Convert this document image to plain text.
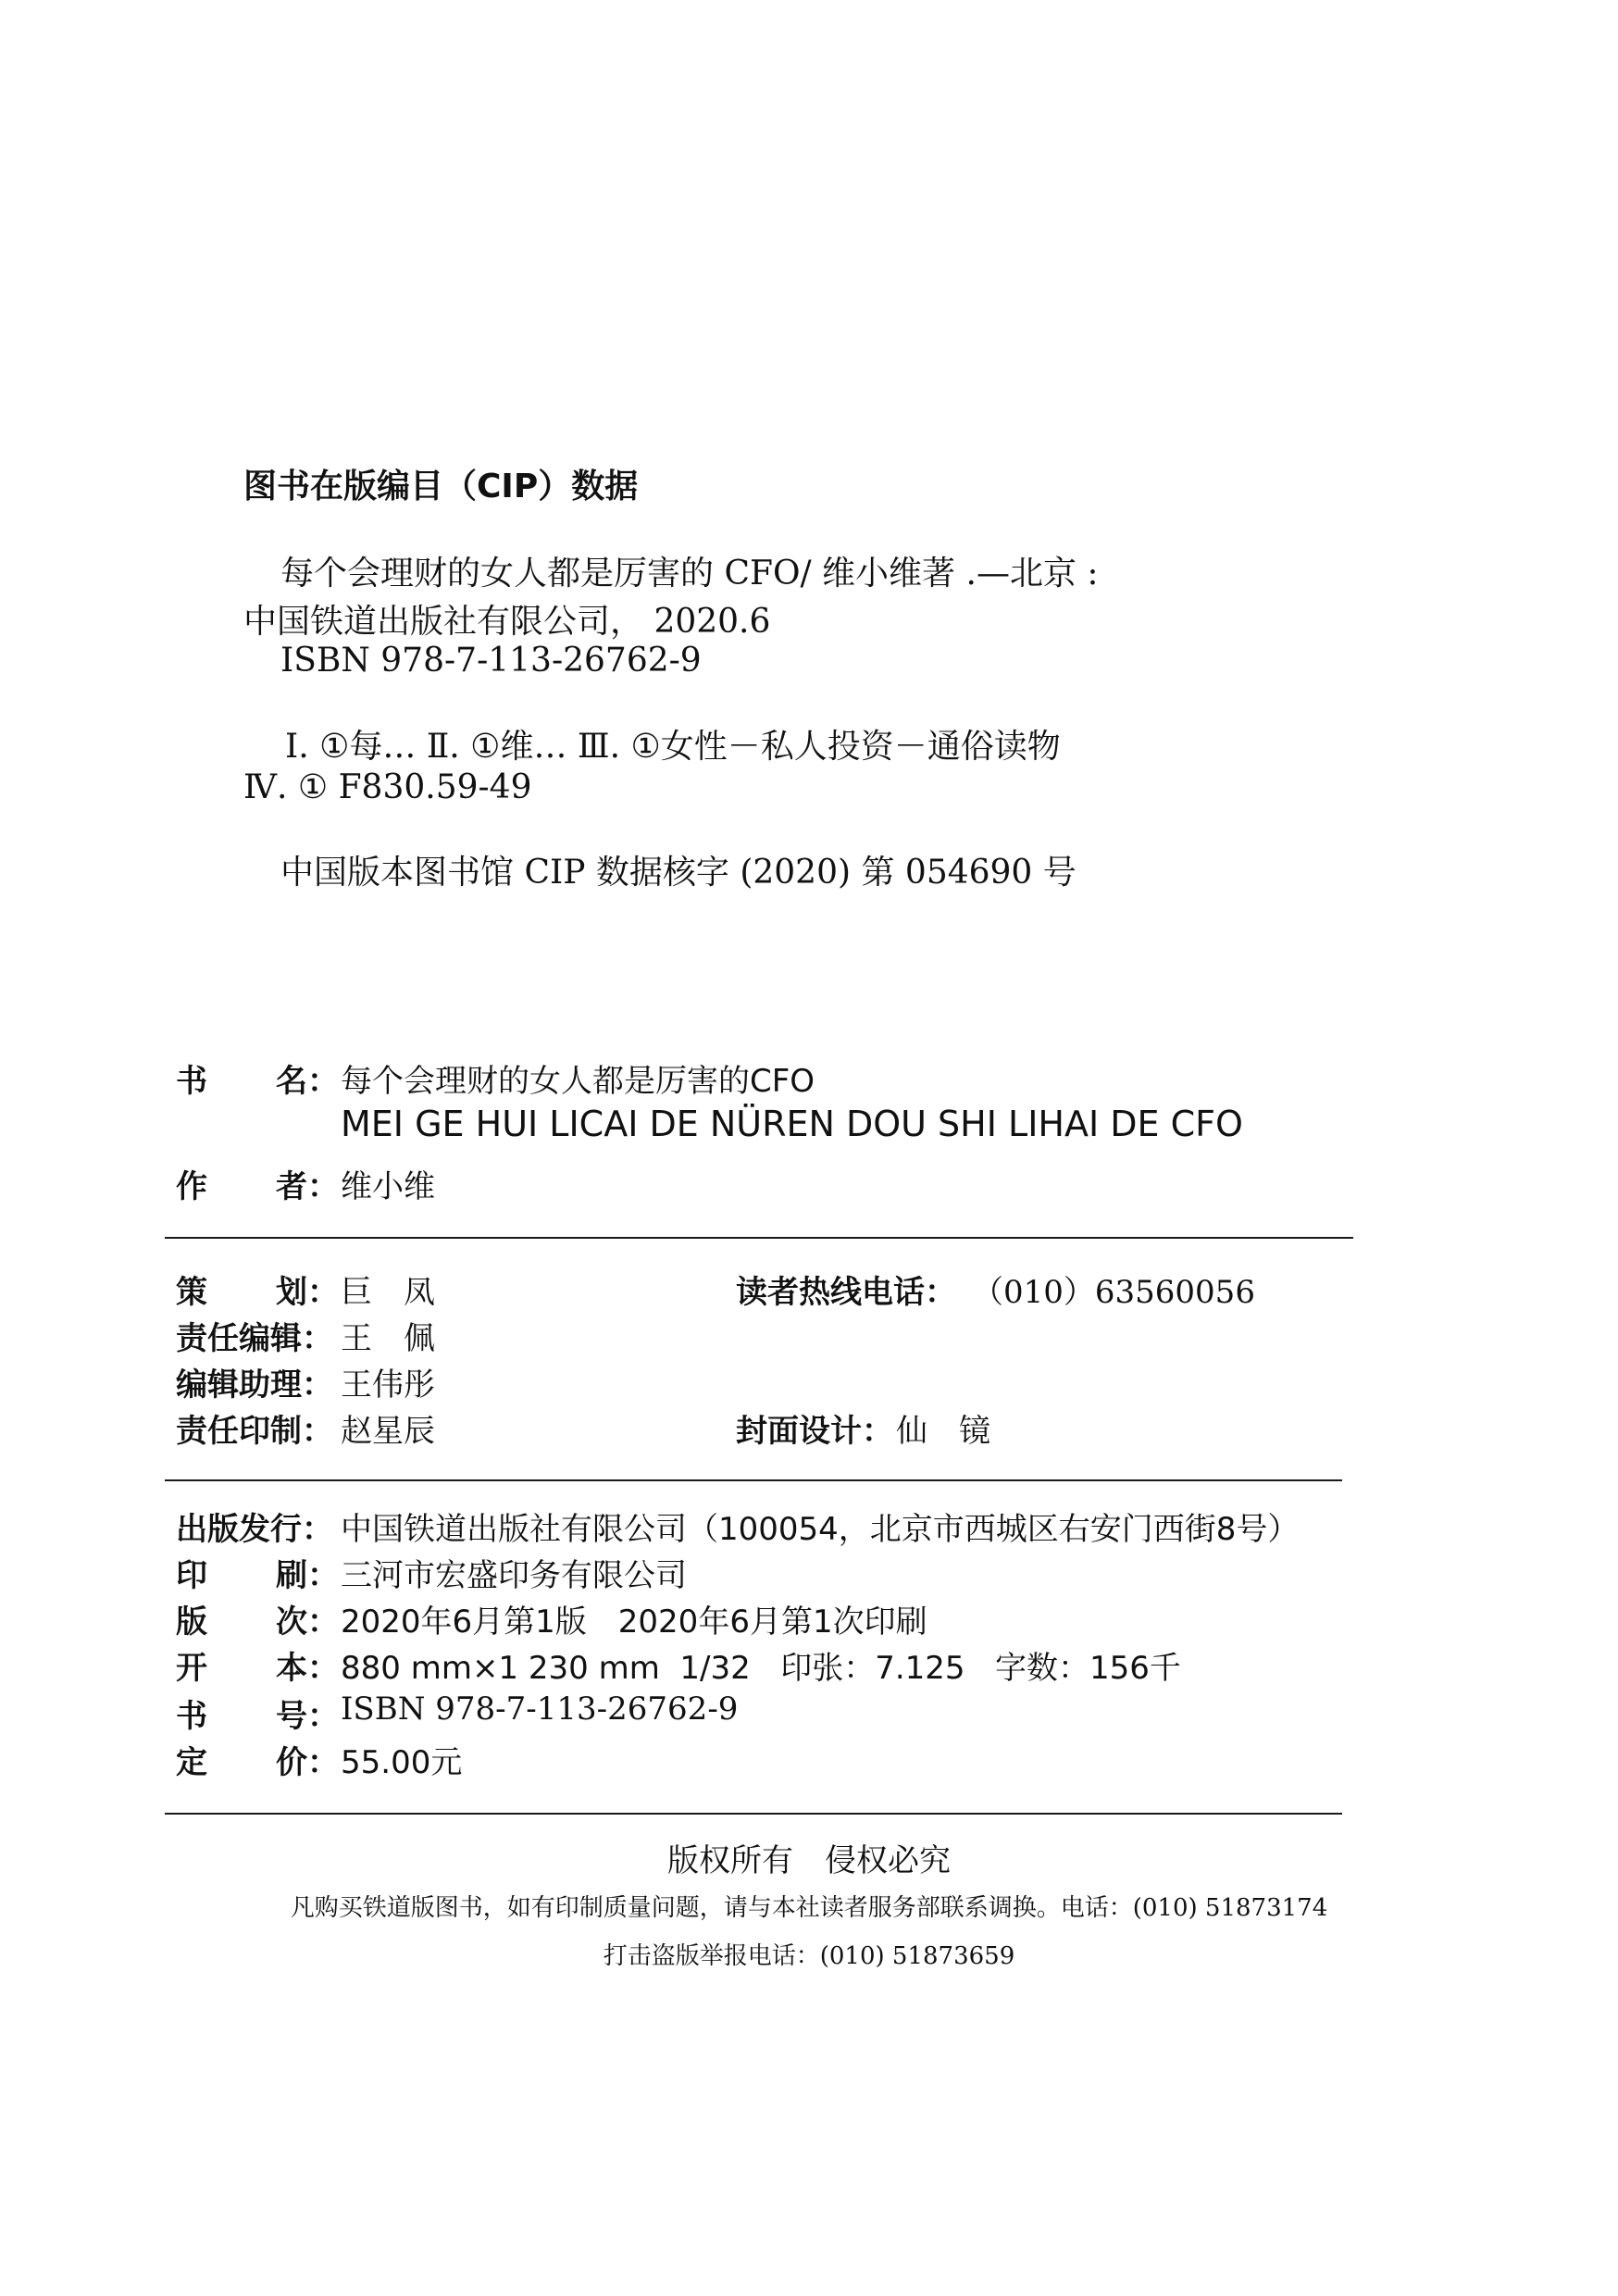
图书在版编目（CIP）数据
每个会理财的女人都是厉害的 CFO/ 维小维著 .—北京 :
中国铁道出版社有限公司， 2020.6
ISBN 978-7-113-26762-9
Ⅰ. ①每… Ⅱ. ①维… Ⅲ. ①女性－私人投资－通俗读物
Ⅳ. ① F830.59-49
中国版本图书馆 CIP 数据核字 (2020) 第 054690 号
书 名： 每个会理财的女人都是厉害的CFO
MEI GE HUI LICAI DE NÜREN DOU SHI LIHAI DE CFO
作 者： 维小维
策 划： 巨　凤	读者热线电话： （010）63560056
责任编辑： 王　佩
编辑助理： 王伟彤
责任印制： 赵星辰	封面设计： 仙　镜
出版发行： 中国铁道出版社有限公司（100054，北京市西城区右安门西街8号）
印 刷： 三河市宏盛印务有限公司
版 次： 2020年6月第1版　2020年6月第1次印刷
开 本： 880 mm×1 230 mm  1/32   印张：7.125   字数：156千
书 号： ISBN 978-7-113-26762-9
定 价： 55.00元
版权所有　侵权必究
凡购买铁道版图书，如有印制质量问题，请与本社读者服务部联系调换。电话：(010) 51873174
打击盗版举报电话：(010) 51873659
